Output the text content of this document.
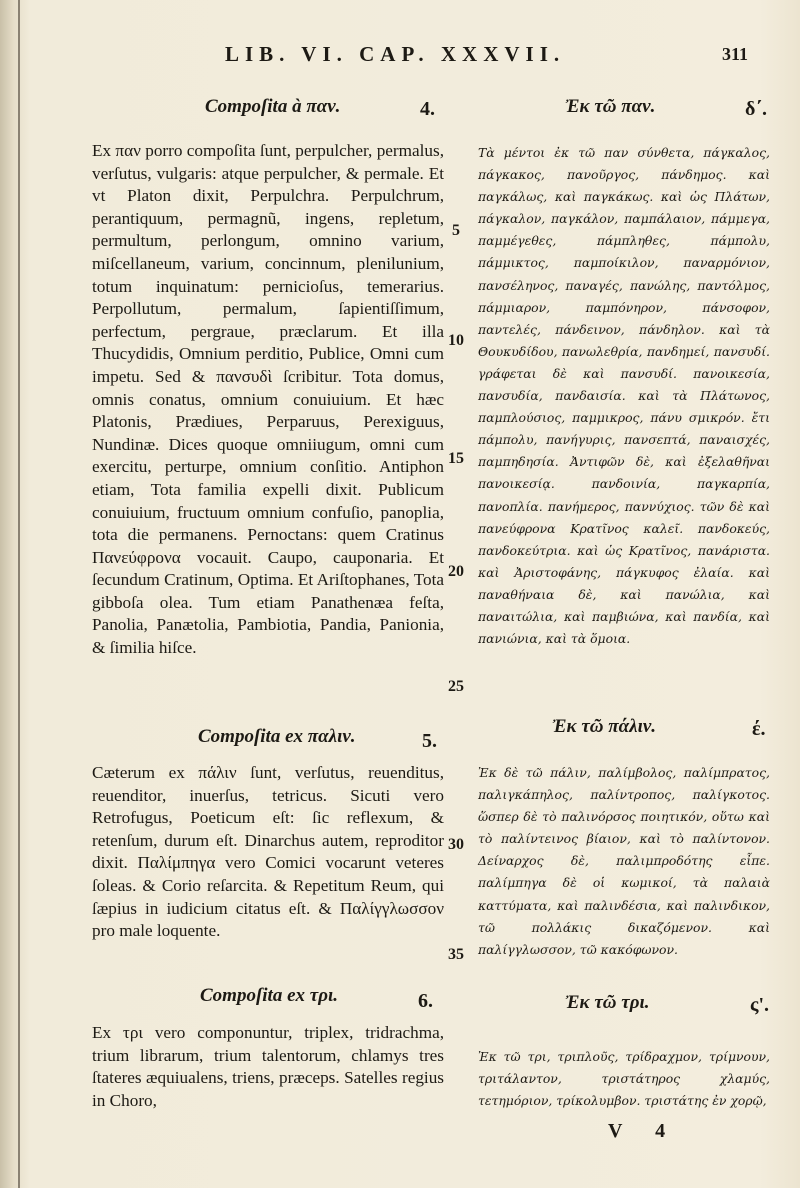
LIB. VI. CAP. XXXVII.	311
Compoſita à παν.	4.	Ἐκ τῶ παν.	δ΄.

Ex παν porro compoſita ſunt, perpulcher, permalus, verſutus, vulgaris: atque perpulcher, & permale. Et vt Platon dixit, Perpulchra. Perpulchrum, perantiquum, permagnũ, ingens, repletum, permultum, perlongum, omnino varium, miſcellaneum, varium, concinnum, plenilunium, totum inquinatum: pernicioſus, temerarius. Perpollutum, permalum, ſapientiſſimum, perfectum, pergraue, præclarum. Et illa Thucydidis, Omnium perditio, Publice, Omni cum impetu. Sed & πανσυδὶ ſcribitur. Tota domus, omnis conatus, omnium conuiuium. Et hæc Platonis, Prædiues, Perparuus, Perexiguus, Nundinæ. Dices quoque omniiugum, omni cum exercitu, perturpe, omnium conſitio. Antiphon etiam, Tota familia expelli dixit. Publicum conuiuium, fructuum omnium confuſio, panoplia, tota die permanens. Pernoctans: quem Cratinus Πανεύφρονα vocauit. Caupo, cauponaria. Et ſecundum Cratinum, Optima. Et Ariſtophanes, Tota gibboſa olea. Tum etiam Panathenæa feſta, Panolia, Panætolia, Pambiotia, Pandia, Panionia, & ſimilia hiſce.

Τὰ μέντοι ἐκ τῶ παν σύνθετα, πάγκαλος, πάγκακος, πανοῦργος, πάνδημος. καὶ παγκάλως, καὶ παγκάκως. καὶ ὡς Πλάτων, πάγκαλον, παγκάλον, παμπάλαιον, πάμμεγα, παμμέγεθες, πάμπληθες, πάμπολυ, πάμμικτος, παμποίκιλον, παναρμόνιον, πανσέληνος, παναγές, πανώλης, παντόλμος, πάμμιαρον, παμπόνηρον, πάνσοφον, παντελές, πάνδεινον, πάνδηλον. καὶ τὰ Θουκυδίδου, πανωλεθρία, πανδημεί, πανσυδί. γράφεται δὲ καὶ πανσυδί. πανοικεσία, πανσυδία, πανδαισία. καὶ τὰ Πλάτωνος, παμπλούσιος, παμμικρος, πάνυ σμικρόν. ἔτι πάμπολυ, πανήγυρις, πανσεπτά, παναισχές, παμπηδησία. Ἀντιφῶν δὲ, καὶ ἐξελαθῆναι πανοικεσίᾳ. πανδοινία, παγκαρπία, πανοπλία. πανήμερος, παννύχιος. τῶν δὲ καὶ πανεύφρονα Κρατῖνος καλεῖ. πανδοκεύς, πανδοκεύτρια. καὶ ὡς Κρατῖνος, πανάριστα. καὶ Ἀριστοφάνης, πάγκυφος ἐλαία. καὶ παναθήναια δὲ, καὶ πανώλια, καὶ παναιτώλια, καὶ παμβιώνα, καὶ πανδία, καὶ πανιώνια, καὶ τὰ ὅμοια.

Compoſita ex παλιν.	5.
Ἐκ τῶ πάλιν.	έ.

Cæterum ex πάλιν ſunt, verſutus, reuenditus, reuenditor, inuerſus, tetricus. Sicuti vero Retrofugus, Poeticum eſt: ſic reflexum, & retenſum, durum eſt. Dinarchus autem, reproditor dixit. Παλίμπηγα vero Comici vocarunt veteres ſoleas. & Corio reſarcita. & Repetitum Reum, qui ſæpius in iudicium citatus eſt. & Παλίγγλωσσον pro male loquente.

Ἐκ δὲ τῶ πάλιν, παλίμβολος, παλίμπρατος, παλιγκάπηλος, παλίντροπος, παλίγκοτος. ὥσπερ δὲ τὸ παλινόρσος ποιητικόν, οὕτω καὶ τὸ παλίντεινος βίαιον, καὶ τὸ παλίντονον. Δείναρχος δὲ, παλιμπροδότης εἶπε. παλίμπηγα δὲ οἱ κωμικοί, τὰ παλαιὰ καττύματα, καὶ παλινδέσια, καὶ παλινδικον, τῶ πολλάκις δικαζόμενον. καὶ παλίγγλωσσον, τῶ κακόφωνον.

Compoſita ex τρι.	6.	Ἐκ τῶ τρι.	ς'.

Ex τρι vero componuntur, triplex, tridrachma, trium librarum, trium talentorum, chlamys tres ſtateres æquiualens, triens, præceps. Satelles regius in Choro,

Ἐκ τῶ τρι, τριπλοῦς, τρίδραχμον, τρίμνουν, τριτάλαντον, τριστάτηρος χλαμύς, τετημόριον, τρίκολυμβον. τριστάτης ἐν χορῷ,

5
10
15
20
25
30
35
V 4
